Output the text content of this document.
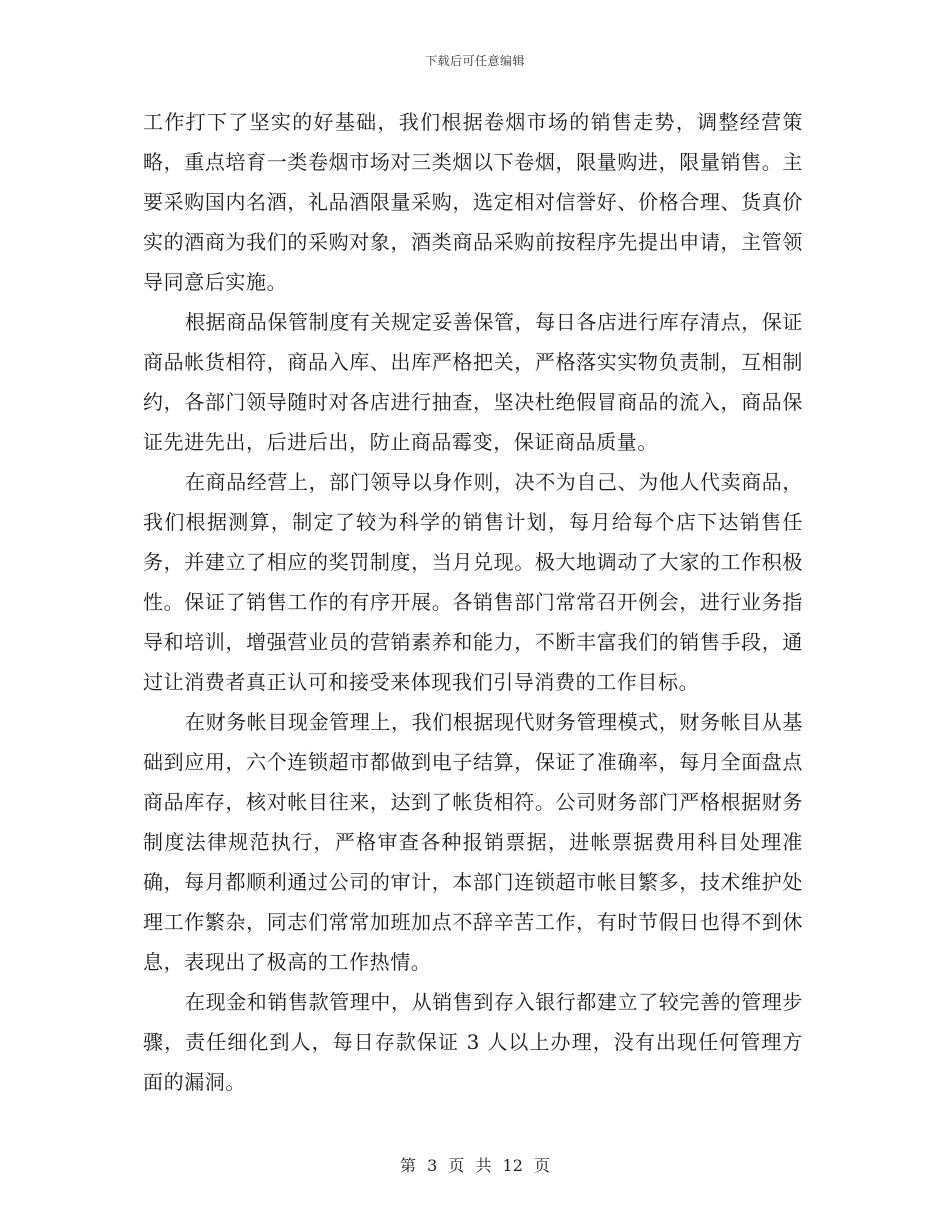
下载后可任意编辑

工作打下了坚实的好基础，我们根据卷烟市场的销售走势，调整经营策略，重点培育一类卷烟市场对三类烟以下卷烟，限量购进，限量销售。主要采购国内名酒，礼品酒限量采购，选定相对信誉好、价格合理、货真价实的酒商为我们的采购对象，酒类商品采购前按程序先提出申请，主管领导同意后实施。

根据商品保管制度有关规定妥善保管，每日各店进行库存清点，保证商品帐货相符，商品入库、出库严格把关，严格落实实物负责制，互相制约，各部门领导随时对各店进行抽查，坚决杜绝假冒商品的流入，商品保证先进先出，后进后出，防止商品霉变，保证商品质量。

在商品经营上，部门领导以身作则，决不为自己、为他人代卖商品，我们根据测算，制定了较为科学的销售计划，每月给每个店下达销售任务，并建立了相应的奖罚制度，当月兑现。极大地调动了大家的工作积极性。保证了销售工作的有序开展。各销售部门常常召开例会，进行业务指导和培训，增强营业员的营销素养和能力，不断丰富我们的销售手段，通过让消费者真正认可和接受来体现我们引导消费的工作目标。

在财务帐目现金管理上，我们根据现代财务管理模式，财务帐目从基础到应用，六个连锁超市都做到电子结算，保证了准确率，每月全面盘点商品库存，核对帐目往来，达到了帐货相符。公司财务部门严格根据财务制度法律规范执行，严格审查各种报销票据，进帐票据费用科目处理准确，每月都顺利通过公司的审计，本部门连锁超市帐目繁多，技术维护处理工作繁杂，同志们常常加班加点不辞辛苦工作，有时节假日也得不到休息，表现出了极高的工作热情。

在现金和销售款管理中，从销售到存入银行都建立了较完善的管理步骤，责任细化到人，每日存款保证 3 人以上办理，没有出现任何管理方面的漏洞。

第 3 页 共 12 页
